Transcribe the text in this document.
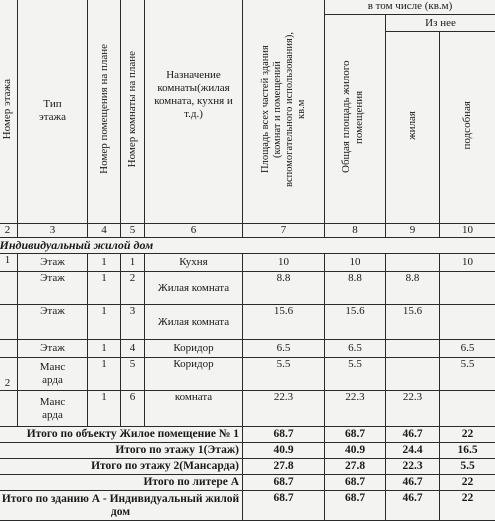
Номер этажа	Тип этажа	Номер помещения на плане	Номер комнаты на плане	Назначение комнаты(жилая комната, кухня и т.д.)	Площадь всех частей здания
(комнат и помещений
вспомогательного использования),
кв.м	в том числе (кв.м)		
						Общая площадь жилого помещения	Из нее	
							жилая	подсобная
2	3	4	5	6	7	8	9	10
Индивидуальный жилой дом								
1	Этаж	1	1	Кухня	10	10		10
	Этаж	1	2	Жилая комната	8.8	8.8	8.8	
	Этаж	1	3	Жилая комната	15.6	15.6	15.6	
	Этаж	1	4	Коридор	6.5	6.5		6.5
2	Мансарда	1	5	Коридор	5.5	5.5		5.5
	Мансарда	1	6	комната	22.3	22.3	22.3	
Итого по объекту Жилое помещение № 1					68.7	68.7	46.7	22
Итого по этажу 1(Этаж)					40.9	40.9	24.4	16.5
Итого по этажу 2(Мансарда)					27.8	27.8	22.3	5.5
Итого по литере А					68.7	68.7	46.7	22
Итого по зданию А - Индивидуальный жилой дом					68.7	68.7	46.7	22
